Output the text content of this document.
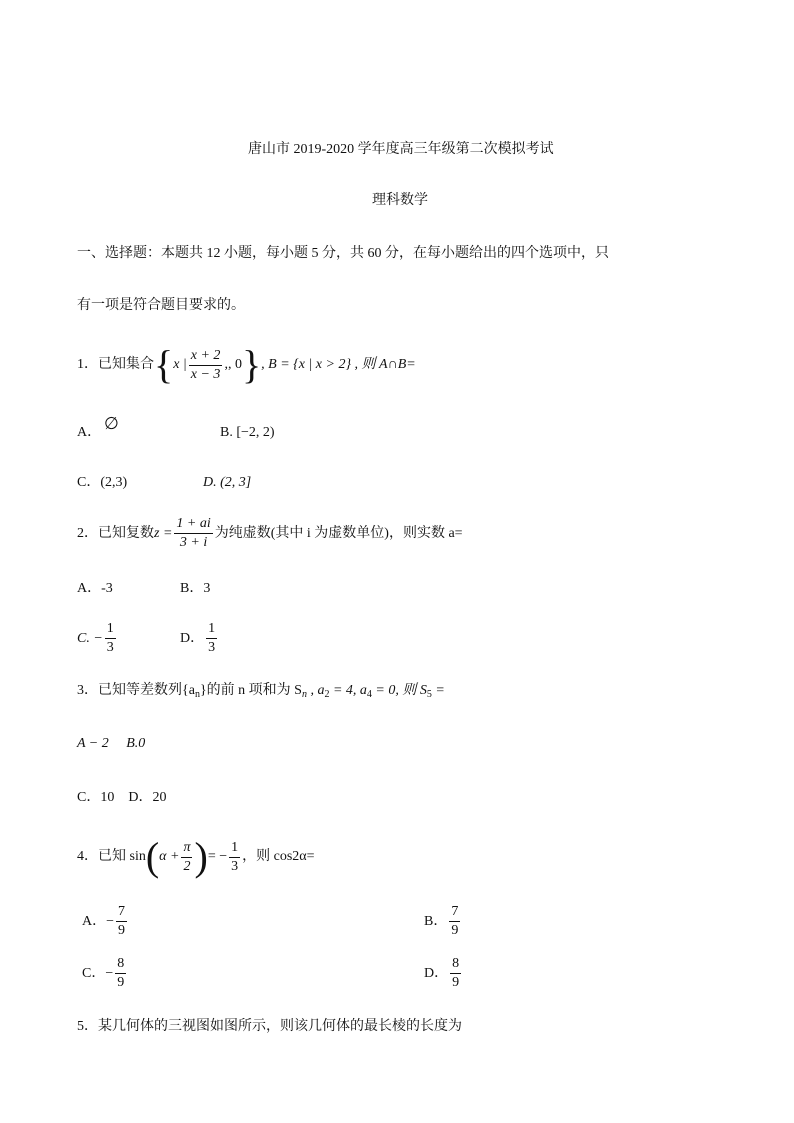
唐山市 2019-2020 学年度高三年级第二次模拟考试
理科数学
一、选择题：本题共 12 小题，每小题 5 分，共 60 分，在每小题给出的四个选项中，只
有一项是符合题目要求的。
1．已知集合 { x | $\frac{x + 2}{x - 3}$ ,, 0 } , B = {x | x > 2} , 则 A∩B=
A． ∅	B. [−2, 2)
C．(2,3)	D. (2, 3]
2．已知复数 $z = \frac{1 + ai}{3 + i}$ 为纯虚数(其中 i 为虚数单位)，则实数 a=
A．-3	B．3
C. − $\frac{1}{3}$	D． $\frac{1}{3}$
3．已知等差数列$\{a_n\}$的前 n 项和为 $S_n$ , $a_2 = 4$, $a_4 = 0$, 则 $S_5$ =
A − 2     B.0
C．10    D．20
4．已知 sin ( $\alpha + \frac{\pi}{2}$ ) = − $\frac{1}{3}$ ，则 cos2α=
A．− $\frac{7}{9}$	B． $\frac{7}{9}$
C．− $\frac{8}{9}$	D． $\frac{8}{9}$
5．某几何体的三视图如图所示，则该几何体的最长棱的长度为
